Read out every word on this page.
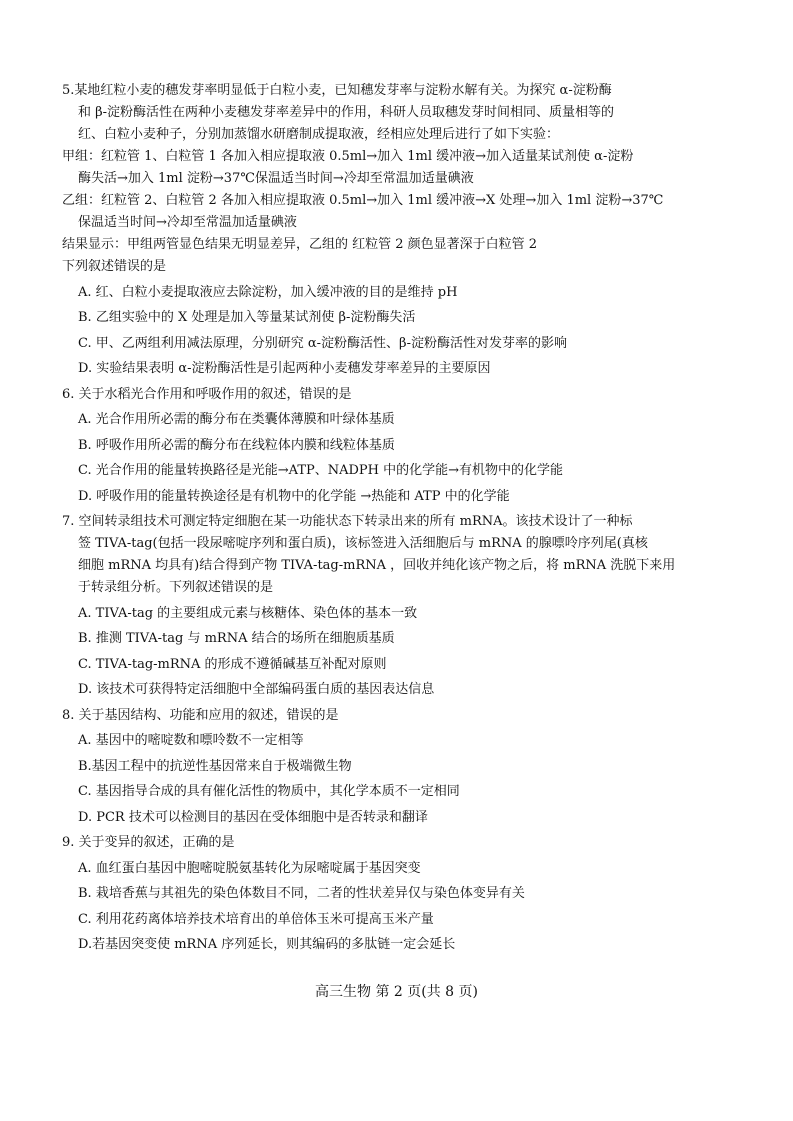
5.某地红粒小麦的穗发芽率明显低于白粒小麦，已知穗发芽率与淀粉水解有关。为探究 α-淀粉酶
和 β-淀粉酶活性在两种小麦穗发芽率差异中的作用，科研人员取穗发芽时间相同、质量相等的
红、白粒小麦种子，分别加蒸馏水研磨制成提取液，经相应处理后进行了如下实验：
甲组：红粒管 1、白粒管 1 各加入相应提取液 0.5ml→加入 1ml 缓冲液→加入适量某试剂使 α-淀粉
酶失活→加入 1ml 淀粉→37℃保温适当时间→冷却至常温加适量碘液
乙组：红粒管 2、白粒管 2 各加入相应提取液 0.5ml→加入 1ml 缓冲液→X 处理→加入 1ml 淀粉→37℃
保温适当时间→冷却至常温加适量碘液
结果显示：甲组两管显色结果无明显差异，乙组的 红粒管 2 颜色显著深于白粒管 2
下列叙述错误的是
A. 红、白粒小麦提取液应去除淀粉，加入缓冲液的目的是维持 pH
B. 乙组实验中的 X 处理是加入等量某试剂使 β-淀粉酶失活
C. 甲、乙两组利用减法原理，分别研究 α-淀粉酶活性、β-淀粉酶活性对发芽率的影响
D. 实验结果表明 α-淀粉酶活性是引起两种小麦穗发芽率差异的主要原因
6. 关于水稻光合作用和呼吸作用的叙述，错误的是
A. 光合作用所必需的酶分布在类囊体薄膜和叶绿体基质
B. 呼吸作用所必需的酶分布在线粒体内膜和线粒体基质
C. 光合作用的能量转换路径是光能→ATP、NADPH 中的化学能→有机物中的化学能
D. 呼吸作用的能量转换途径是有机物中的化学能 →热能和 ATP 中的化学能
7. 空间转录组技术可测定特定细胞在某一功能状态下转录出来的所有 mRNA。该技术设计了一种标
签 TIVA-tag(包括一段尿嘧啶序列和蛋白质)，该标签进入活细胞后与 mRNA 的腺嘌呤序列尾(真核
细胞 mRNA 均具有)结合得到产物 TIVA-tag-mRNA ，回收并纯化该产物之后，将 mRNA 洗脱下来用
于转录组分析。下列叙述错误的是
A. TIVA-tag 的主要组成元素与核糖体、染色体的基本一致
B. 推测 TIVA-tag 与 mRNA 结合的场所在细胞质基质
C. TIVA-tag-mRNA 的形成不遵循碱基互补配对原则
D. 该技术可获得特定活细胞中全部编码蛋白质的基因表达信息
8. 关于基因结构、功能和应用的叙述，错误的是
A. 基因中的嘧啶数和嘌呤数不一定相等
B.基因工程中的抗逆性基因常来自于极端微生物
C. 基因指导合成的具有催化活性的物质中，其化学本质不一定相同
D. PCR 技术可以检测目的基因在受体细胞中是否转录和翻译
9. 关于变异的叙述，正确的是
A. 血红蛋白基因中胞嘧啶脱氨基转化为尿嘧啶属于基因突变
B. 栽培香蕉与其祖先的染色体数目不同，二者的性状差异仅与染色体变异有关
C. 利用花药离体培养技术培育出的单倍体玉米可提高玉米产量
D.若基因突变使 mRNA 序列延长，则其编码的多肽链一定会延长
高三生物 第 2 页(共 8 页)
